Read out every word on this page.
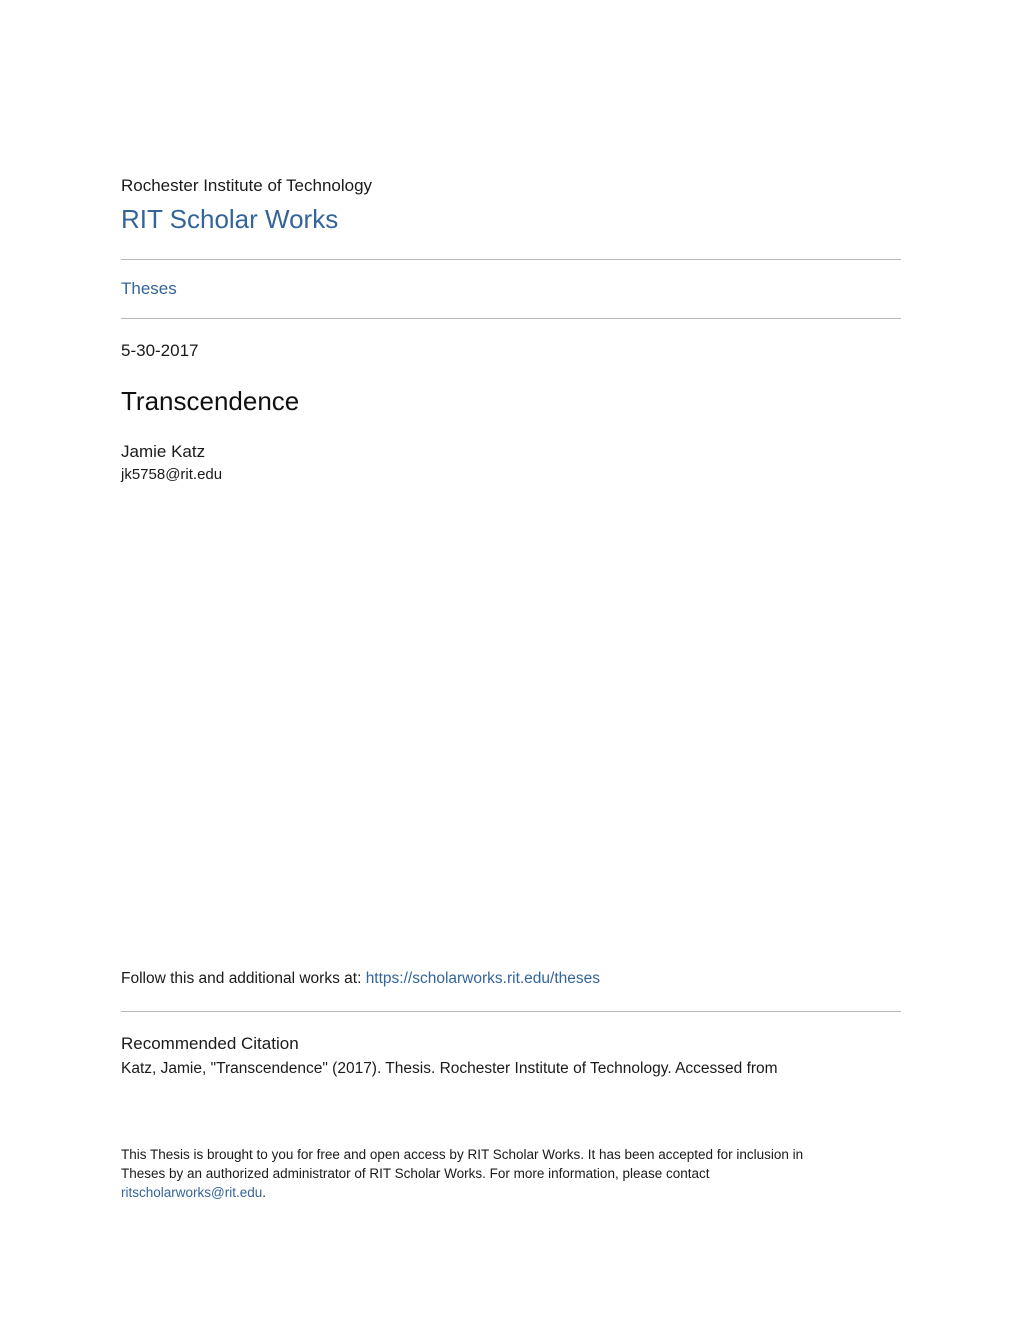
Rochester Institute of Technology
RIT Scholar Works
Theses
5-30-2017
Transcendence
Jamie Katz
jk5758@rit.edu
Follow this and additional works at: https://scholarworks.rit.edu/theses
Recommended Citation
Katz, Jamie, "Transcendence" (2017). Thesis. Rochester Institute of Technology. Accessed from
This Thesis is brought to you for free and open access by RIT Scholar Works. It has been accepted for inclusion in
Theses by an authorized administrator of RIT Scholar Works. For more information, please contact
ritscholarworks@rit.edu.
